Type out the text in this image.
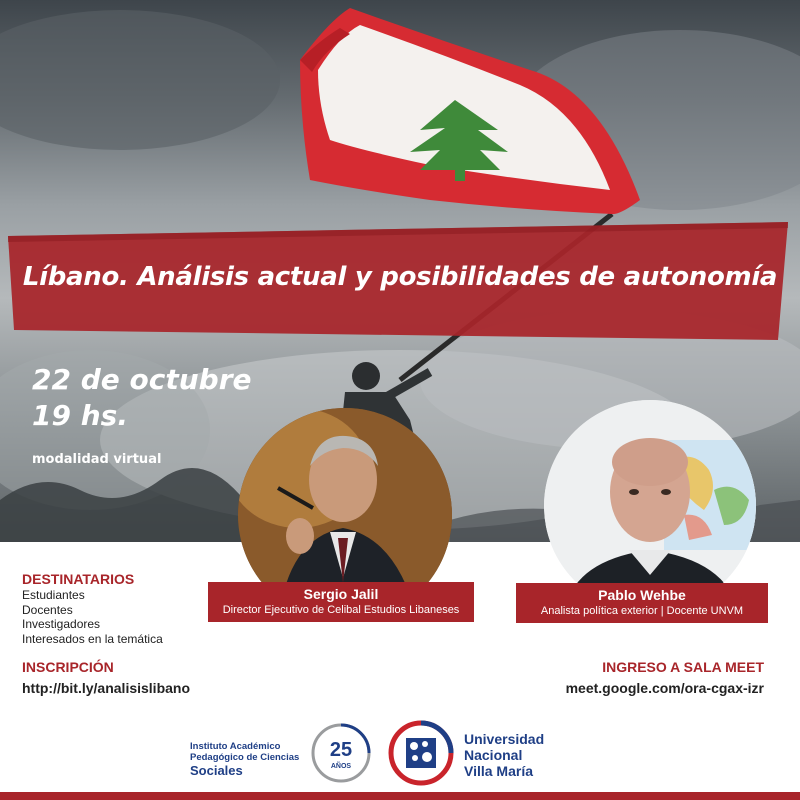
Líbano. Análisis actual y posibilidades de autonomía
22 de octubre
19 hs.
modalidad virtual
Sergio Jalil
Director Ejecutivo de Celibal Estudios Libaneses
Pablo Wehbe
Analista política exterior | Docente UNVM
DESTINATARIOS
Estudiantes
Docentes
Investigadores
Interesados en la temática
INSCRIPCIÓN
http://bit.ly/analisislibano
INGRESO A SALA MEET
meet.google.com/ora-cgax-izr
Instituto Académico
Pedagógico de Ciencias
Sociales
25
AÑOS
Universidad
Nacional
Villa María
